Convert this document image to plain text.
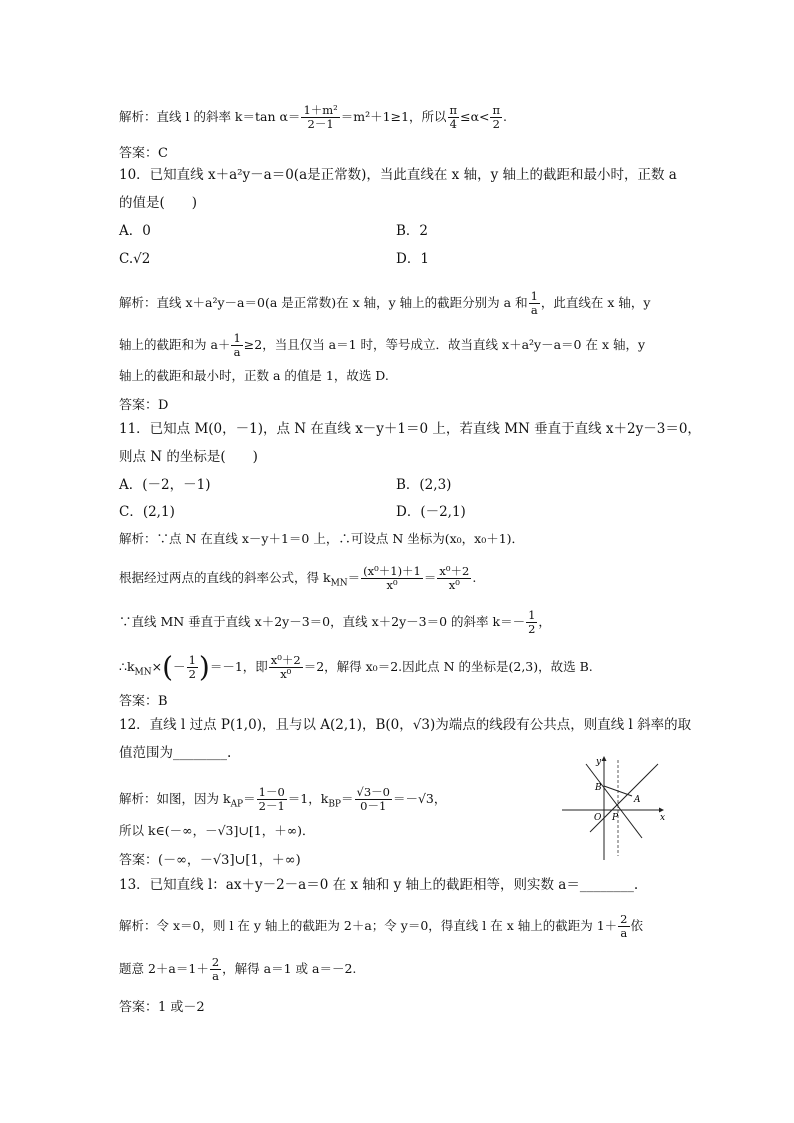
解析：直线 l 的斜率 k＝tan $\alpha= \frac{\text{1＋m²}}{2-1} =m^2+1\ge 1$，所以 $\frac{\pi}{4} \le\alpha< \frac{\pi}{2}$ .
答案：C
10．已知直线 x＋a²y－a＝0(a是正常数)，当此直线在 x 轴，y 轴上的截距和最小时，正数 a
的值是(　　)
A．0	B．2
C.√2	D．1
解析：直线 x＋a²y－a＝0(a 是正常数)在 x 轴，y 轴上的截距分别为 a 和 $\frac{1}{a}$ ，此直线在 x 轴，y
轴上的截距和为 $a+ \frac{1}{a} \ge 2$，当且仅当 a＝1 时，等号成立．故当直线 x＋a²y－a＝0 在 x 轴，y
轴上的截距和最小时，正数 a 的值是 1，故选 D.
答案：D
11．已知点 M(0，－1)，点 N 在直线 x－y＋1＝0 上，若直线 MN 垂直于直线 x＋2y－3＝0，
则点 N 的坐标是(　　)
A．(－2，－1)	B．(2,3)
C．(2,1)	D．(－2,1)
解析：∵点 N 在直线 x－y＋1＝0 上，∴可设点 N 坐标为(x₀，x₀＋1)．
根据经过两点的直线的斜率公式，得 $k_{MN}= \frac{\text{(x⁰＋1)＋1}}{\text{x⁰}} = \frac{\text{x⁰＋2}}{\text{x⁰}}$ .
∵直线 MN 垂直于直线 x＋2y－3＝0，直线 x＋2y－3＝0 的斜率 $k=- \frac{1}{2}$ ，
$\therefore k_{MN}\times(- \frac{1}{2} )=-1$，即 $\frac{\text{x⁰＋2}}{\text{x⁰}} =2$，解得 x₀＝2.因此点 N 的坐标是(2,3)，故选 B.
答案：B
12．直线 l 过点 P(1,0)，且与以 A(2,1)，B(0，√3)为端点的线段有公共点，则直线 l 斜率的取
值范围为________.
解析：如图，因为 $k_{AP}= \frac{1-0}{2-1} =1$，$k_{BP}= \frac{√3-0}{0-1} =-√3$，
所以 k∈(－∞，－√3]∪[1，＋∞)．
答案：(－∞，－√3]∪[1，＋∞)
13．已知直线 l：ax＋y－2－a＝0 在 x 轴和 y 轴上的截距相等，则实数 a＝________.
解析：令 x＝0，则 l 在 y 轴上的截距为 2＋a；令 y＝0，得直线 l 在 x 轴上的截距为 $1+ \frac{2}{a}$ 依
题意 $2+a=1+ \frac{2}{a}$ ，解得 a＝1 或 a＝－2.
答案：1 或－2
y
x
O
A
B
P
